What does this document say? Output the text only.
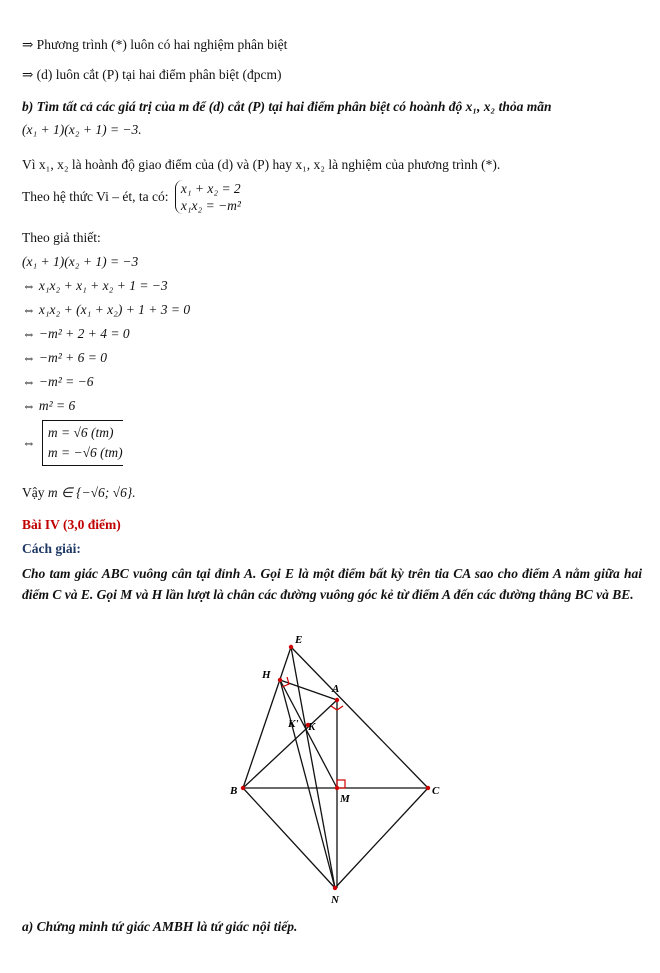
⇒ Phương trình (*) luôn có hai nghiệm phân biệt
⇒ (d) luôn cắt (P) tại hai điểm phân biệt (đpcm)
b) Tìm tất cả các giá trị của m để (d) cắt (P) tại hai điểm phân biệt có hoành độ x₁, x₂ thỏa mãn
(x₁ + 1)(x₂ + 1) = −3.
Vì x₁, x₂ là hoành độ giao điểm của (d) và (P) hay x₁, x₂ là nghiệm của phương trình (*).
Theo hệ thức Vi – ét, ta có:
x₁ + x₂ = 2
x₁x₂ = −m²
Theo giả thiết:
(x₁ + 1)(x₂ + 1) = −3
⇔ x₁x₂ + x₁ + x₂ + 1 = −3
⇔ x₁x₂ + (x₁ + x₂) + 1 + 3 = 0
⇔ −m² + 2 + 4 = 0
⇔ −m² + 6 = 0
⇔ −m² = −6
⇔ m² = 6
⇔
m = √6 (tm)
m = −√6 (tm)
Vậy m ∈ {−√6; √6}.
Bài IV (3,0 điểm)
Cách giải:
Cho tam giác ABC vuông cân tại đỉnh A. Gọi E là một điểm bất kỳ trên tia CA sao cho điểm A nằm giữa hai điểm C và E. Gọi M và H lần lượt là chân các đường vuông góc kẻ từ điểm A đến các đường thẳng BC và BE.
E
H
A
K' K
B
M
C
N
a) Chứng minh tứ giác AMBH là tứ giác nội tiếp.
